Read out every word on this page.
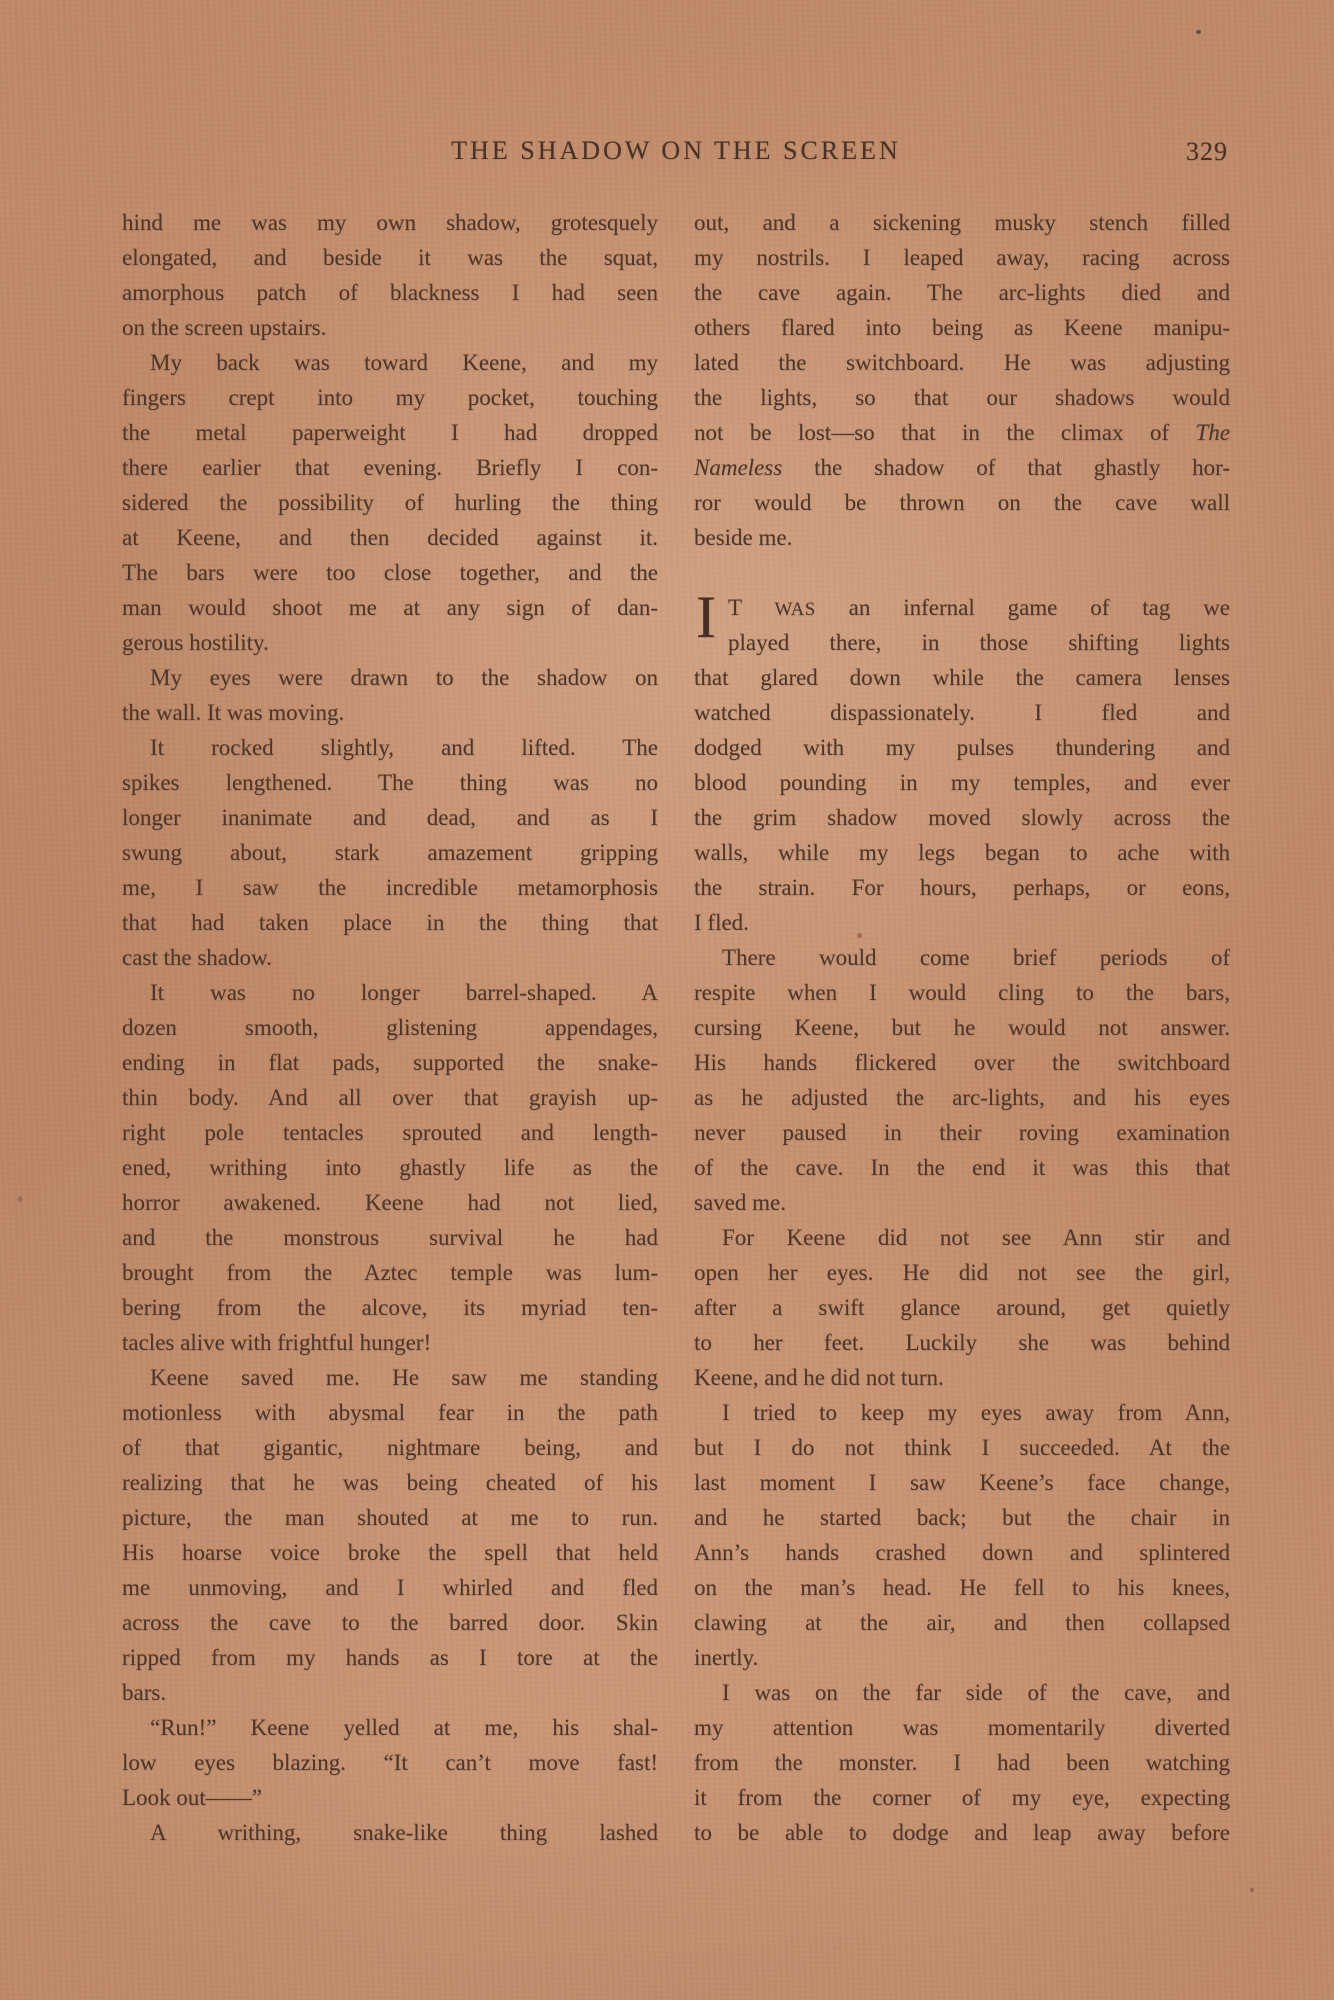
THE SHADOW ON THE SCREEN	329
hind me was my own shadow, grotesquely
elongated, and beside it was the squat,
amorphous patch of blackness I had seen
on the screen upstairs.
My back was toward Keene, and my
fingers crept into my pocket, touching
the metal paperweight I had dropped
there earlier that evening. Briefly I con-
sidered the possibility of hurling the thing
at Keene, and then decided against it.
The bars were too close together, and the
man would shoot me at any sign of dan-
gerous hostility.
My eyes were drawn to the shadow on
the wall. It was moving.
It rocked slightly, and lifted. The
spikes lengthened. The thing was no
longer inanimate and dead, and as I
swung about, stark amazement gripping
me, I saw the incredible metamorphosis
that had taken place in the thing that
cast the shadow.
It was no longer barrel-shaped. A
dozen smooth, glistening appendages,
ending in flat pads, supported the snake-
thin body. And all over that grayish up-
right pole tentacles sprouted and length-
ened, writhing into ghastly life as the
horror awakened. Keene had not lied,
and the monstrous survival he had
brought from the Aztec temple was lum-
bering from the alcove, its myriad ten-
tacles alive with frightful hunger!
Keene saved me. He saw me standing
motionless with abysmal fear in the path
of that gigantic, nightmare being, and
realizing that he was being cheated of his
picture, the man shouted at me to run.
His hoarse voice broke the spell that held
me unmoving, and I whirled and fled
across the cave to the barred door. Skin
ripped from my hands as I tore at the
bars.
“Run!” Keene yelled at me, his shal-
low eyes blazing. “It can’t move fast!
Look out——”
A writhing, snake-like thing lashed
out, and a sickening musky stench filled
my nostrils. I leaped away, racing across
the cave again. The arc-lights died and
others flared into being as Keene manipu-
lated the switchboard. He was adjusting
the lights, so that our shadows would
not be lost—so that in the climax of The
Nameless the shadow of that ghastly hor-
ror would be thrown on the cave wall
beside me.
I T WAS an infernal game of tag we
played there, in those shifting lights
that glared down while the camera lenses
watched dispassionately. I fled and
dodged with my pulses thundering and
blood pounding in my temples, and ever
the grim shadow moved slowly across the
walls, while my legs began to ache with
the strain. For hours, perhaps, or eons,
I fled.
There would come brief periods of
respite when I would cling to the bars,
cursing Keene, but he would not answer.
His hands flickered over the switchboard
as he adjusted the arc-lights, and his eyes
never paused in their roving examination
of the cave. In the end it was this that
saved me.
For Keene did not see Ann stir and
open her eyes. He did not see the girl,
after a swift glance around, get quietly
to her feet. Luckily she was behind
Keene, and he did not turn.
I tried to keep my eyes away from Ann,
but I do not think I succeeded. At the
last moment I saw Keene’s face change,
and he started back; but the chair in
Ann’s hands crashed down and splintered
on the man’s head. He fell to his knees,
clawing at the air, and then collapsed
inertly.
I was on the far side of the cave, and
my attention was momentarily diverted
from the monster. I had been watching
it from the corner of my eye, expecting
to be able to dodge and leap away before
